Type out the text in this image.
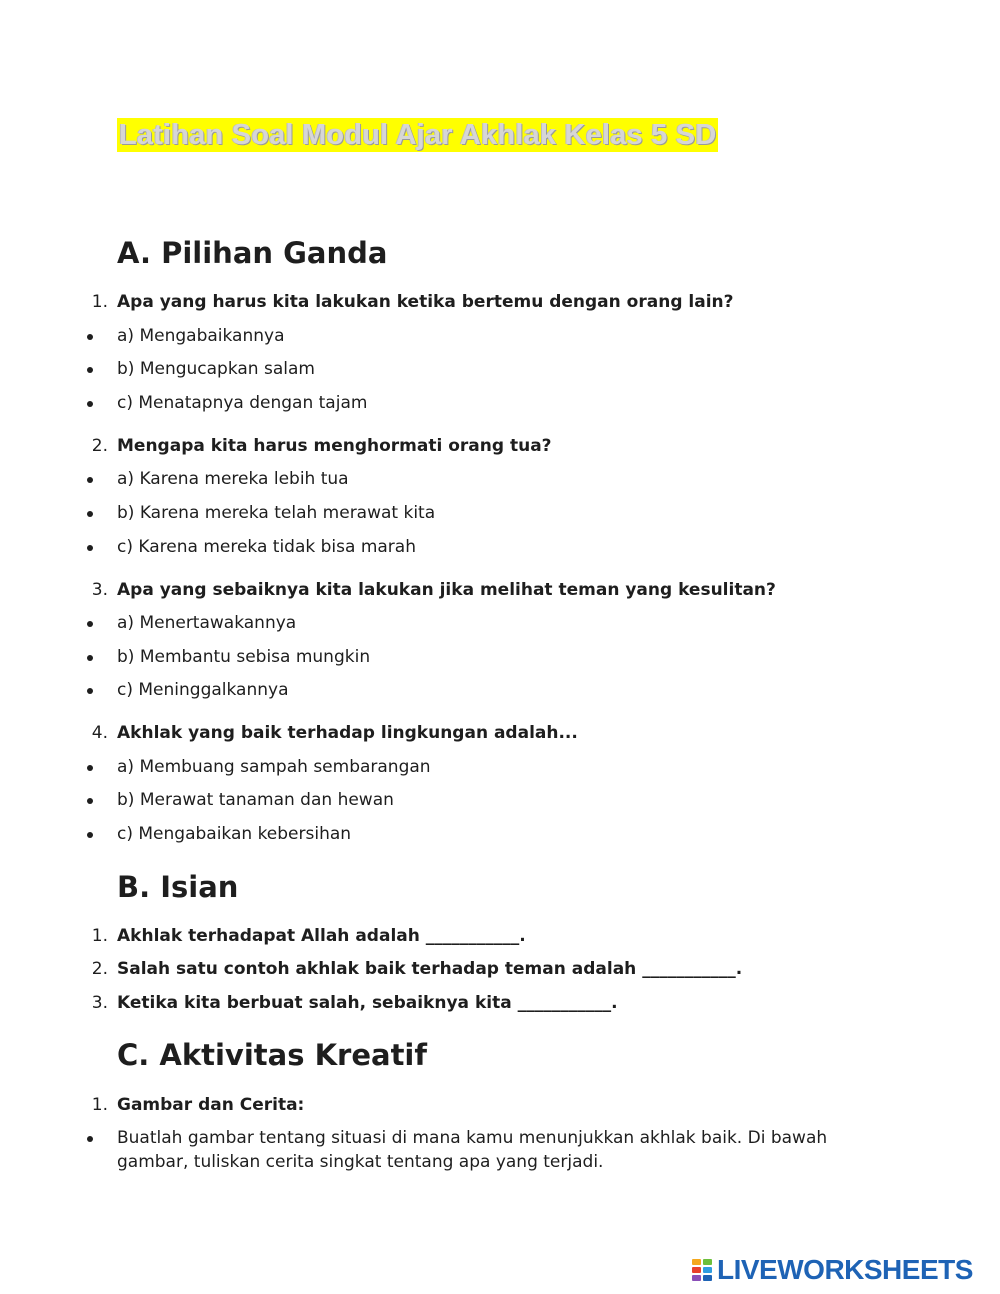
Latihan Soal Modul Ajar Akhlak Kelas 5 SD
A. Pilihan Ganda
1. Apa yang harus kita lakukan ketika bertemu dengan orang lain?
a) Mengabaikannya
b) Mengucapkan salam
c) Menatapnya dengan tajam
2. Mengapa kita harus menghormati orang tua?
a) Karena mereka lebih tua
b) Karena mereka telah merawat kita
c) Karena mereka tidak bisa marah
3. Apa yang sebaiknya kita lakukan jika melihat teman yang kesulitan?
a) Menertawakannya
b) Membantu sebisa mungkin
c) Meninggalkannya
4. Akhlak yang baik terhadap lingkungan adalah...
a) Membuang sampah sembarangan
b) Merawat tanaman dan hewan
c) Mengabaikan kebersihan
B. Isian
1. Akhlak terhadapat Allah adalah ___________.
2. Salah satu contoh akhlak baik terhadap teman adalah ___________.
3. Ketika kita berbuat salah, sebaiknya kita ___________.
C. Aktivitas Kreatif
1. Gambar dan Cerita:
Buatlah gambar tentang situasi di mana kamu menunjukkan akhlak baik. Di bawah gambar, tuliskan cerita singkat tentang apa yang terjadi.
LIVEWORKSHEETS
